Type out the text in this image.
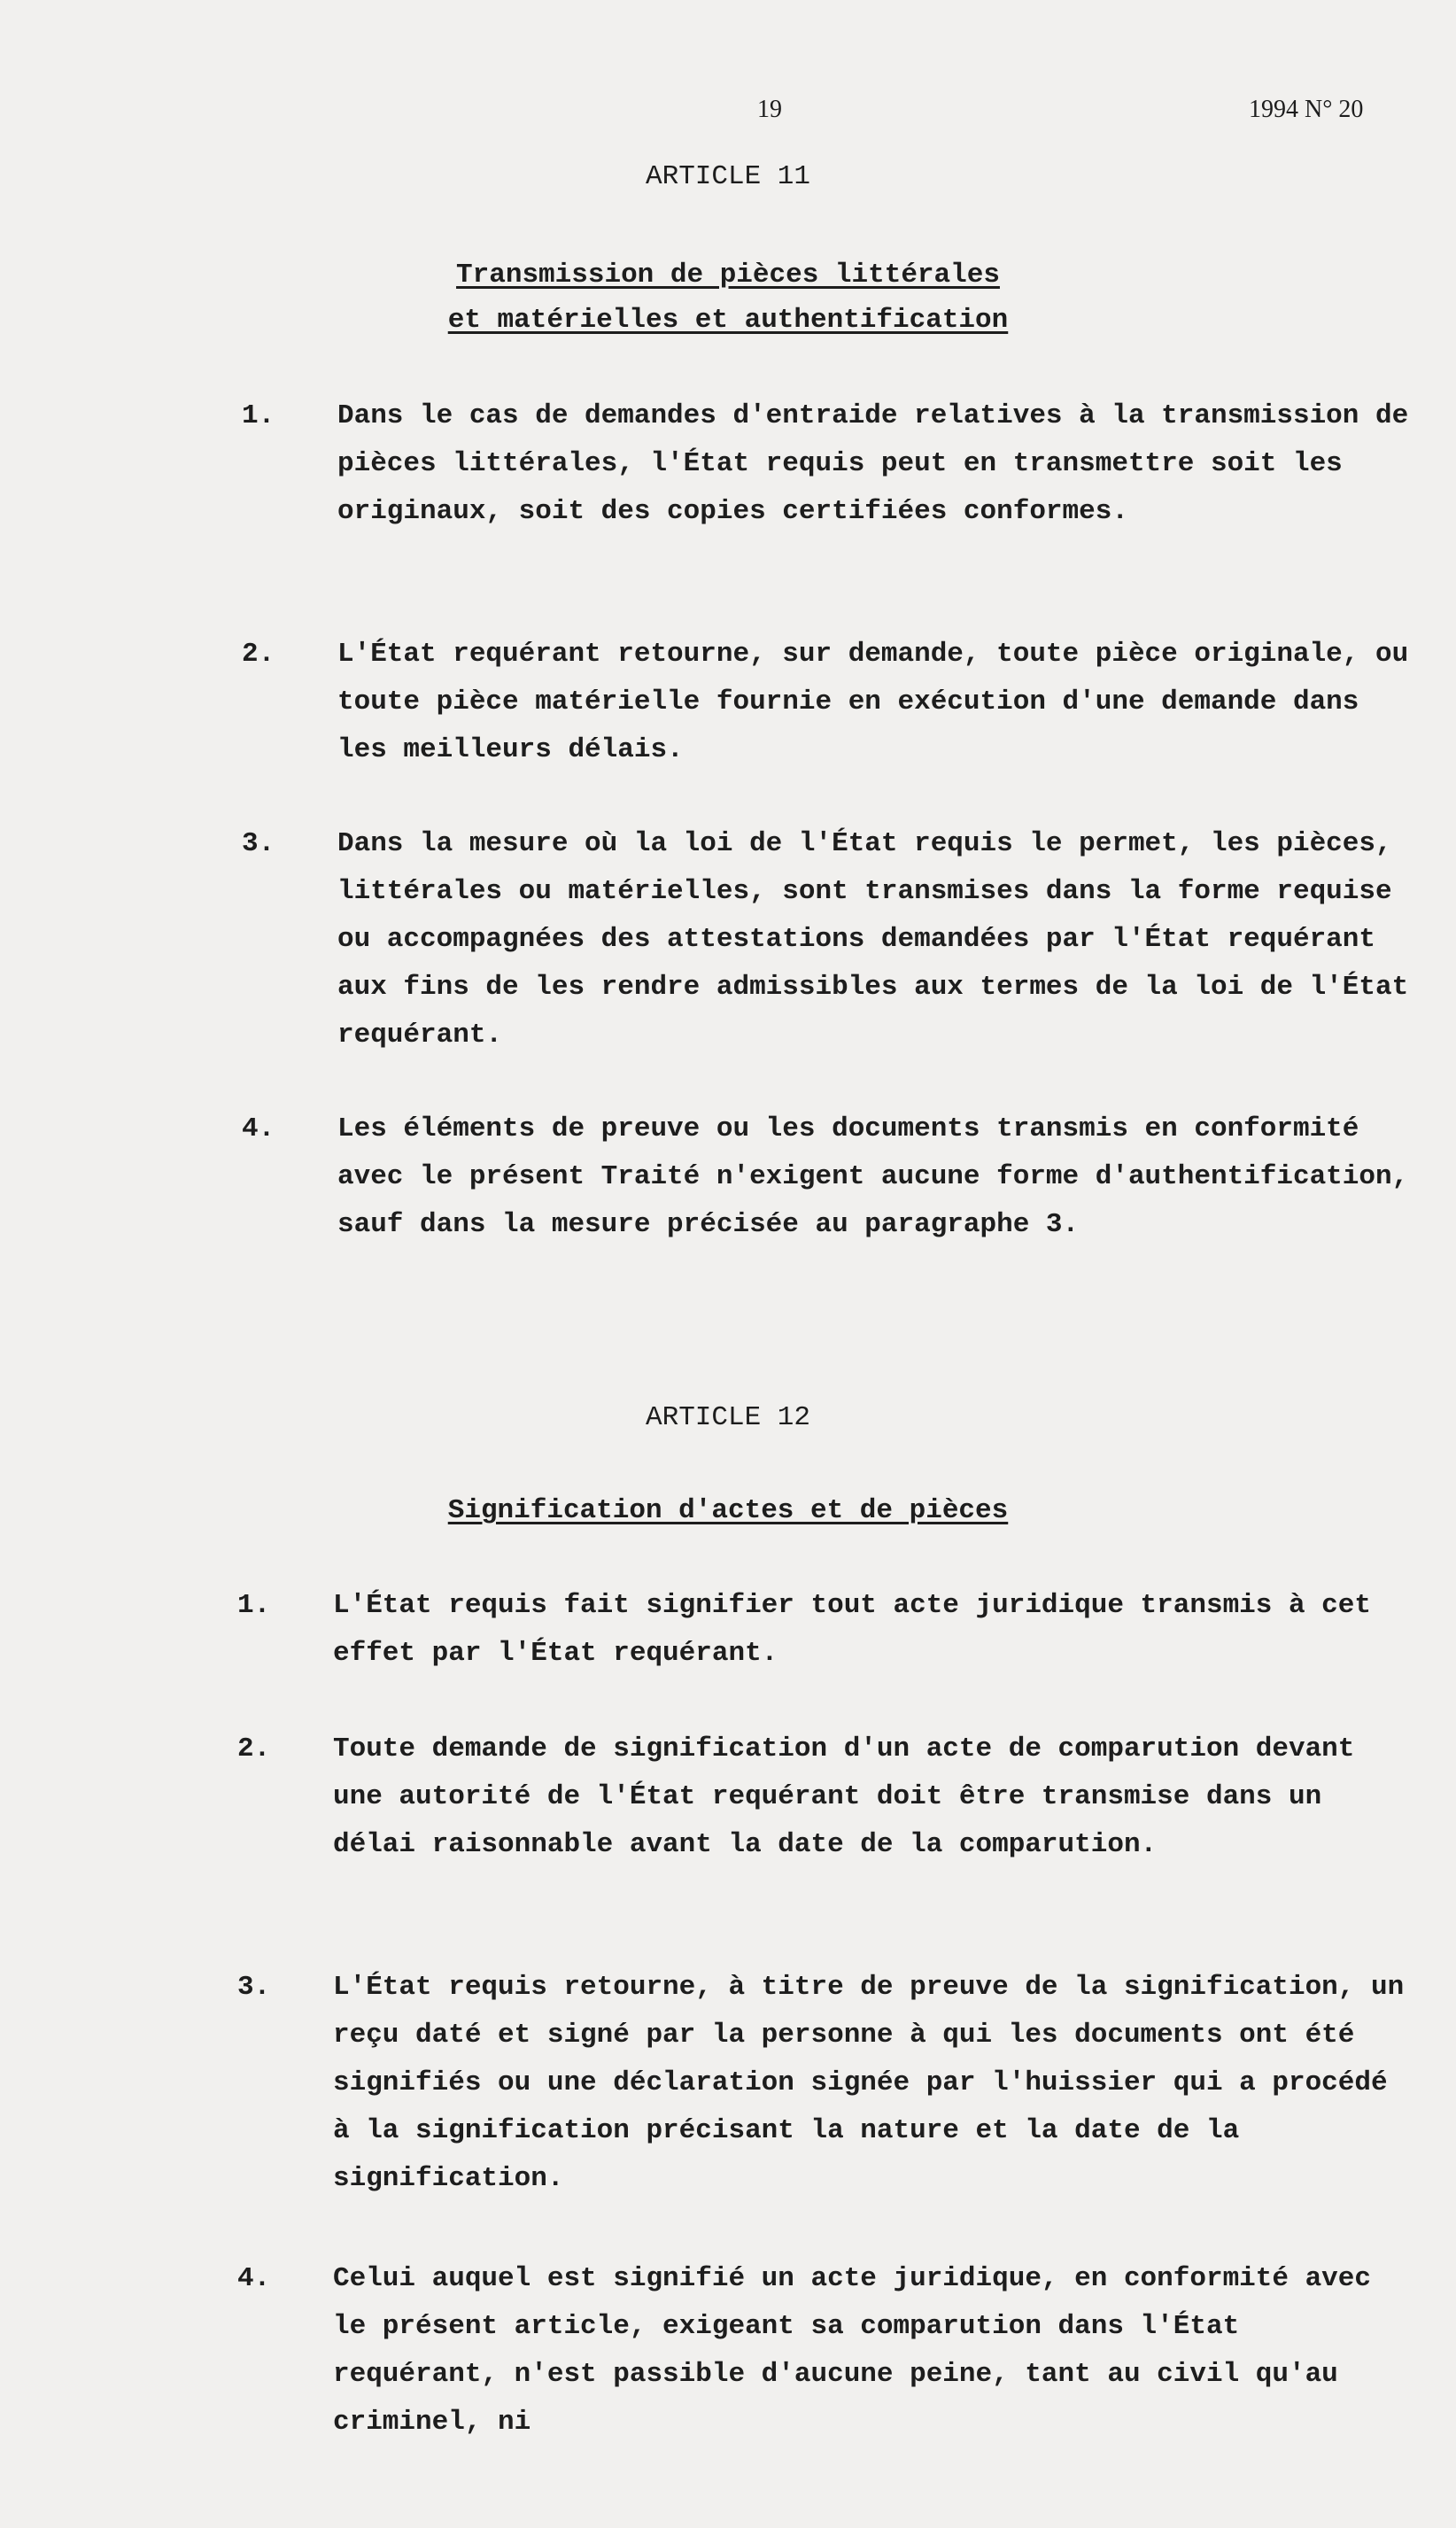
19	1994 N° 20
ARTICLE 11
Transmission de pièces littérales
et matérielles et authentification
1. Dans le cas de demandes d'entraide relatives à la transmission de pièces littérales, l'État requis peut en transmettre soit les originaux, soit des copies certifiées conformes.
2. L'État requérant retourne, sur demande, toute pièce originale, ou toute pièce matérielle fournie en exécution d'une demande dans les meilleurs délais.
3. Dans la mesure où la loi de l'État requis le permet, les pièces, littérales ou matérielles, sont transmises dans la forme requise ou accompagnées des attestations demandées par l'État requérant aux fins de les rendre admissibles aux termes de la loi de l'État requérant.
4. Les éléments de preuve ou les documents transmis en conformité avec le présent Traité n'exigent aucune forme d'authentification, sauf dans la mesure précisée au paragraphe 3.
ARTICLE 12
Signification d'actes et de pièces
1. L'État requis fait signifier tout acte juridique transmis à cet effet par l'État requérant.
2. Toute demande de signification d'un acte de comparution devant une autorité de l'État requérant doit être transmise dans un délai raisonnable avant la date de la comparution.
3. L'État requis retourne, à titre de preuve de la signification, un reçu daté et signé par la personne à qui les documents ont été signifiés ou une déclaration signée par l'huissier qui a procédé à la signification précisant la nature et la date de la signification.
4. Celui auquel est signifié un acte juridique, en conformité avec le présent article, exigeant sa comparution dans l'État requérant, n'est passible d'aucune peine, tant au civil qu'au criminel, ni
